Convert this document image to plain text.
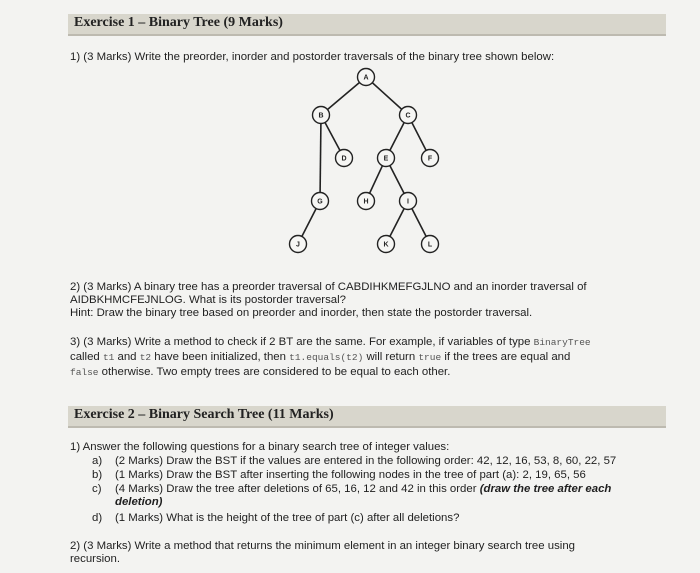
Exercise 1 – Binary Tree (9 Marks)
1) (3 Marks) Write the preorder, inorder and postorder traversals of the binary tree shown below:
A
B	C
D	E	F
G	H	I
J	K	L
2) (3 Marks) A binary tree has a preorder traversal of CABDIHKMEFGJLNO and an inorder traversal of
AIDBKHMCFEJNLOG. What is its postorder traversal?
Hint: Draw the binary tree based on preorder and inorder, then state the postorder traversal.
3) (3 Marks) Write a method to check if 2 BT are the same. For example, if variables of type BinaryTree
called t1 and t2 have been initialized, then t1.equals(t2) will return true if the trees are equal and
false otherwise. Two empty trees are considered to be equal to each other.
Exercise 2 – Binary Search Tree (11 Marks)
1) Answer the following questions for a binary search tree of integer values:
a) (2 Marks) Draw the BST if the values are entered in the following order: 42, 12, 16, 53, 8, 60, 22, 57
b) (1 Marks) Draw the BST after inserting the following nodes in the tree of part (a): 2, 19, 65, 56
c) (4 Marks) Draw the tree after deletions of 65, 16, 12 and 42 in this order (draw the tree after each
deletion)
d) (1 Marks) What is the height of the tree of part (c) after all deletions?
2) (3 Marks) Write a method that returns the minimum element in an integer binary search tree using
recursion.
